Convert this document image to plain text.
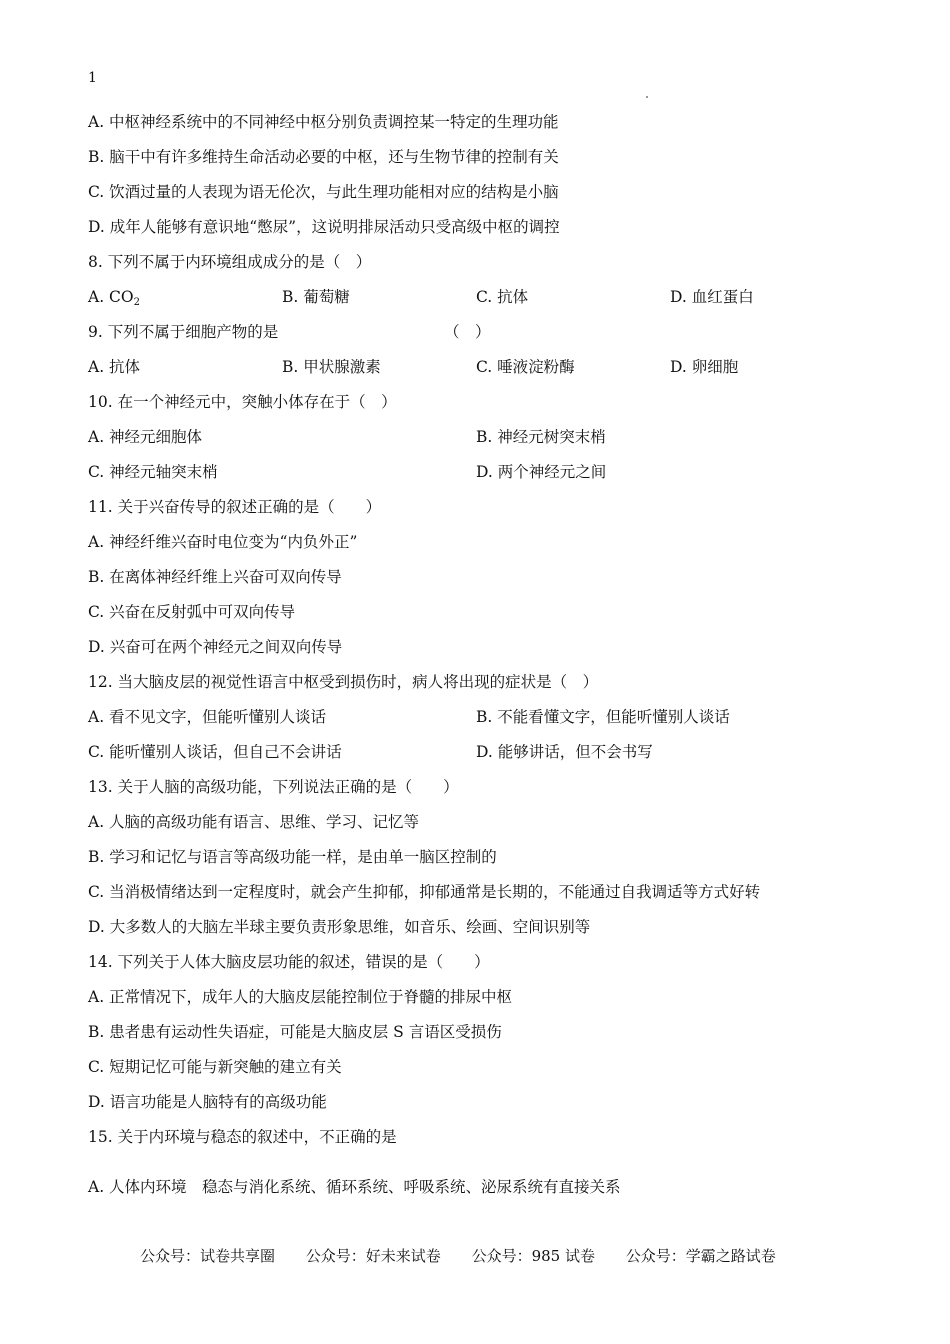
1
A. 中枢神经系统中的不同神经中枢分别负责调控某一特定的生理功能
B. 脑干中有许多维持生命活动必要的中枢，还与生物节律的控制有关
C. 饮酒过量的人表现为语无伦次，与此生理功能相对应的结构是小脑
D. 成年人能够有意识地“憋尿”，这说明排尿活动只受高级中枢的调控
8. 下列不属于内环境组成成分的是（　）
A. $CO_2$	B. 葡萄糖	C. 抗体	D. 血红蛋白
9. 下列不属于细胞产物的是	（　）
A. 抗体	B. 甲状腺激素	C. 唾液淀粉酶	D. 卵细胞
10. 在一个神经元中，突触小体存在于（　）
A. 神经元细胞体	B. 神经元树突末梢
C. 神经元轴突末梢	D. 两个神经元之间
11. 关于兴奋传导的叙述正确的是（　　）
A. 神经纤维兴奋时电位变为“内负外正”
B. 在离体神经纤维上兴奋可双向传导
C. 兴奋在反射弧中可双向传导
D. 兴奋可在两个神经元之间双向传导
12. 当大脑皮层的视觉性语言中枢受到损伤时，病人将出现的症状是（　）
A. 看不见文字，但能听懂别人谈话	B. 不能看懂文字，但能听懂别人谈话
C. 能听懂别人谈话，但自己不会讲话	D. 能够讲话，但不会书写
13. 关于人脑的高级功能，下列说法正确的是（　　）
A. 人脑的高级功能有语言、思维、学习、记忆等
B. 学习和记忆与语言等高级功能一样，是由单一脑区控制的
C. 当消极情绪达到一定程度时，就会产生抑郁，抑郁通常是长期的，不能通过自我调适等方式好转
D. 大多数人的大脑左半球主要负责形象思维，如音乐、绘画、空间识别等
14. 下列关于人体大脑皮层功能的叙述，错误的是（　　）
A. 正常情况下，成年人的大脑皮层能控制位于脊髓的排尿中枢
B. 患者患有运动性失语症，可能是大脑皮层 S 言语区受损伤
C. 短期记忆可能与新突触的建立有关
D. 语言功能是人脑特有的高级功能
15. 关于内环境与稳态的叙述中，不正确的是
A. 人体内环境　稳态与消化系统、循环系统、呼吸系统、泌尿系统有直接关系
公众号：试卷共享圈 公众号：好未来试卷 公众号：985 试卷 公众号：学霸之路试卷
